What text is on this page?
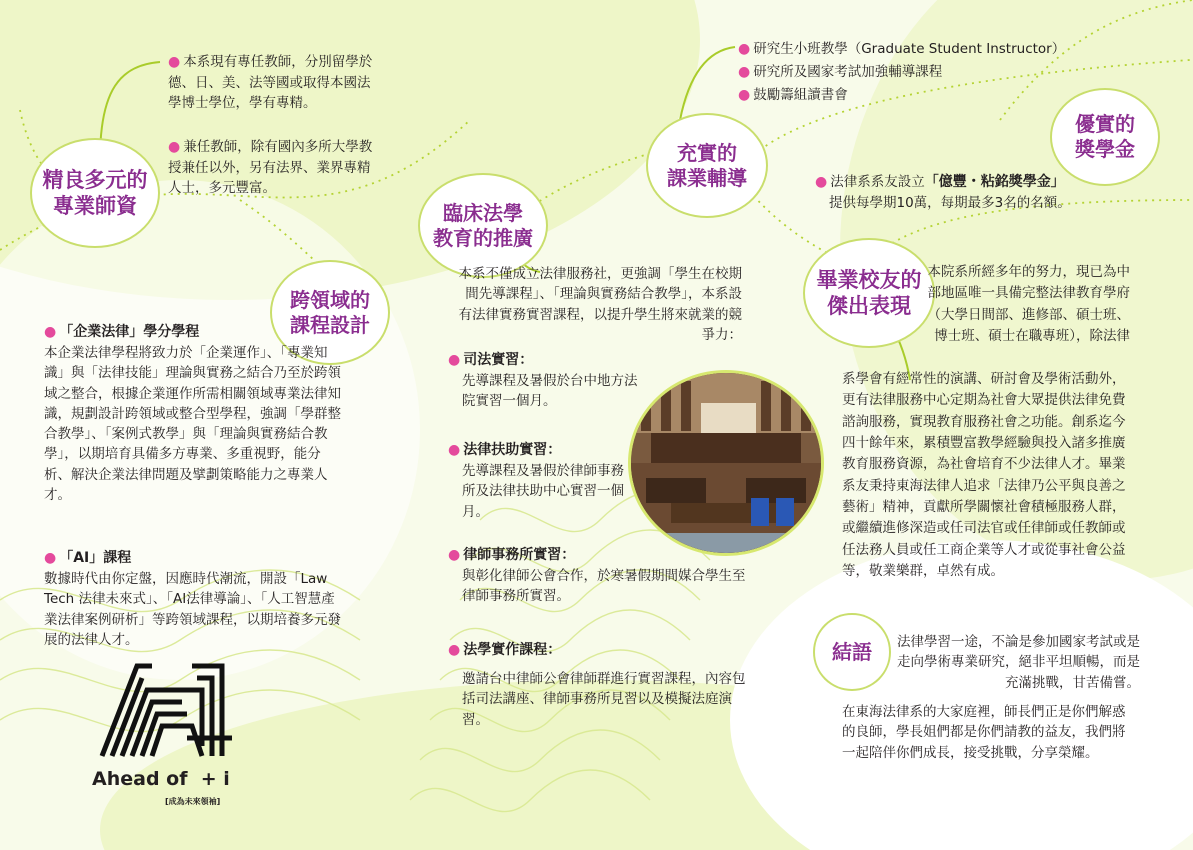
精良多元的
專業師資
● 本系現有專任教師，分別留學於德、日、美、法等國或取得本國法學博士學位，學有專精。
● 兼任教師，除有國內多所大學教授兼任以外，另有法界、業界專精人士，多元豐富。
跨領域的
課程設計
● 「企業法律」學分學程
本企業法律學程將致力於「企業運作」、「專業知識」與「法律技能」理論與實務之結合乃至於跨領域之整合，根據企業運作所需相關領域專業法律知識，規劃設計跨領域或整合型學程，強調「學群整合教學」、「案例式教學」與「理論與實務結合教學」，以期培育具備多方專業、多重視野，能分析、解決企業法律問題及擘劃策略能力之專業人才。
● 「AI」課程
數據時代由你定盤，因應時代潮流，開設「Law Tech 法律未來式」、「AI法律導論」、「人工智慧產業法律案例研析」等跨領域課程，以期培養多元發展的法律人才。
Ahead of  + i
[成為未來領袖]
臨床法學
教育的推廣
本系不僅成立法律服務社，更強調「學生在校期間先導課程」、「理論與實務結合教學」，本系設有法律實務實習課程，以提升學生將來就業的競爭力：
● 司法實習：
先導課程及暑假於台中地方法院實習一個月。
● 法律扶助實習：
先導課程及暑假於律師事務所及法律扶助中心實習一個月。
● 律師事務所實習：
與彰化律師公會合作，於寒暑假期間媒合學生至律師事務所實習。
● 法學實作課程：
邀請台中律師公會律師群進行實習課程，內容包括司法講座、律師事務所見習以及模擬法庭演習。
充實的
課業輔導
● 研究生小班教學（Graduate Student Instructor）
● 研究所及國家考試加強輔導課程
● 鼓勵籌組讀書會
優實的
獎學金
● 法律系系友設立「億豐・粘銘獎學金」
提供每學期10萬，每期最多3名的名額。
畢業校友的
傑出表現
本院系所經多年的努力，現已為中部地區唯一具備完整法律教育學府（大學日間部、進修部、碩士班、博士班、碩士在職專班），除法律
系學會有經常性的演講、研討會及學術活動外，更有法律服務中心定期為社會大眾提供法律免費諮詢服務，實現教育服務社會之功能。創系迄今四十餘年來，累積豐富教學經驗與投入諸多推廣教育服務資源，為社會培育不少法律人才。畢業系友秉持東海法律人追求「法律乃公平與良善之藝術」精神，貢獻所學關懷社會積極服務人群，或繼續進修深造或任司法官或任律師或任教師或任法務人員或任工商企業等人才或從事社會公益等，敬業樂群，卓然有成。
結語	法律學習一途，不論是參加國家考試或是走向學術專業研究，絕非平坦順暢，而是充滿挑戰，甘苦備嘗。
在東海法律系的大家庭裡，師長們正是你們解惑的良師，學長姐們都是你們請教的益友，我們將一起陪伴你們成長，接受挑戰，分享榮耀。
